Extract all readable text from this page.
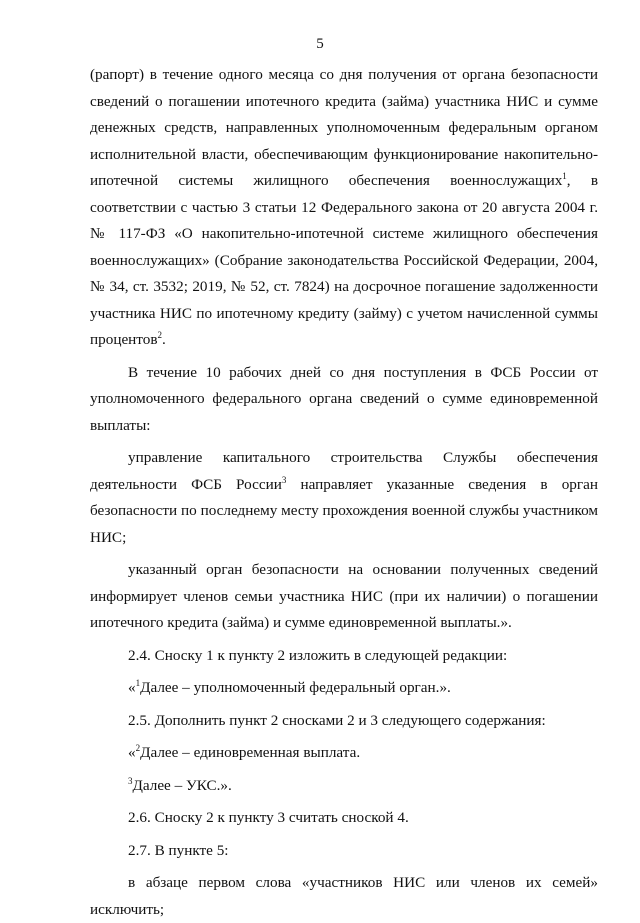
5

(рапорт) в течение одного месяца со дня получения от органа безопасности сведений о погашении ипотечного кредита (займа) участника НИС и сумме денежных средств, направленных уполномоченным федеральным органом исполнительной власти, обеспечивающим функционирование накопительно-ипотечной системы жилищного обеспечения военнослужащих$^1$, в соответствии с частью 3 статьи 12 Федерального закона от 20 августа 2004 г. № 117-ФЗ «О накопительно-ипотечной системе жилищного обеспечения военнослужащих» (Собрание законодательства Российской Федерации, 2004, № 34, ст. 3532; 2019, № 52, ст. 7824) на досрочное погашение задолженности участника НИС по ипотечному кредиту (займу) с учетом начисленной суммы процентов$^2$.

В течение 10 рабочих дней со дня поступления в ФСБ России от уполномоченного федерального органа сведений о сумме единовременной выплаты:

управление капитального строительства Службы обеспечения деятельности ФСБ России$^3$ направляет указанные сведения в орган безопасности по последнему месту прохождения военной службы участником НИС;

указанный орган безопасности на основании полученных сведений информирует членов семьи участника НИС (при их наличии) о погашении ипотечного кредита (займа) и сумме единовременной выплаты.».

2.4. Сноску 1 к пункту 2 изложить в следующей редакции:

«$^1$Далее – уполномоченный федеральный орган.».

2.5. Дополнить пункт 2 сносками 2 и 3 следующего содержания:

«$^2$Далее – единовременная выплата.

$^3$Далее – УКС.».

2.6. Сноску 2 к пункту 3 считать сноской 4.

2.7. В пункте 5:

в абзаце первом слова «участников НИС или членов их семей» исключить;
